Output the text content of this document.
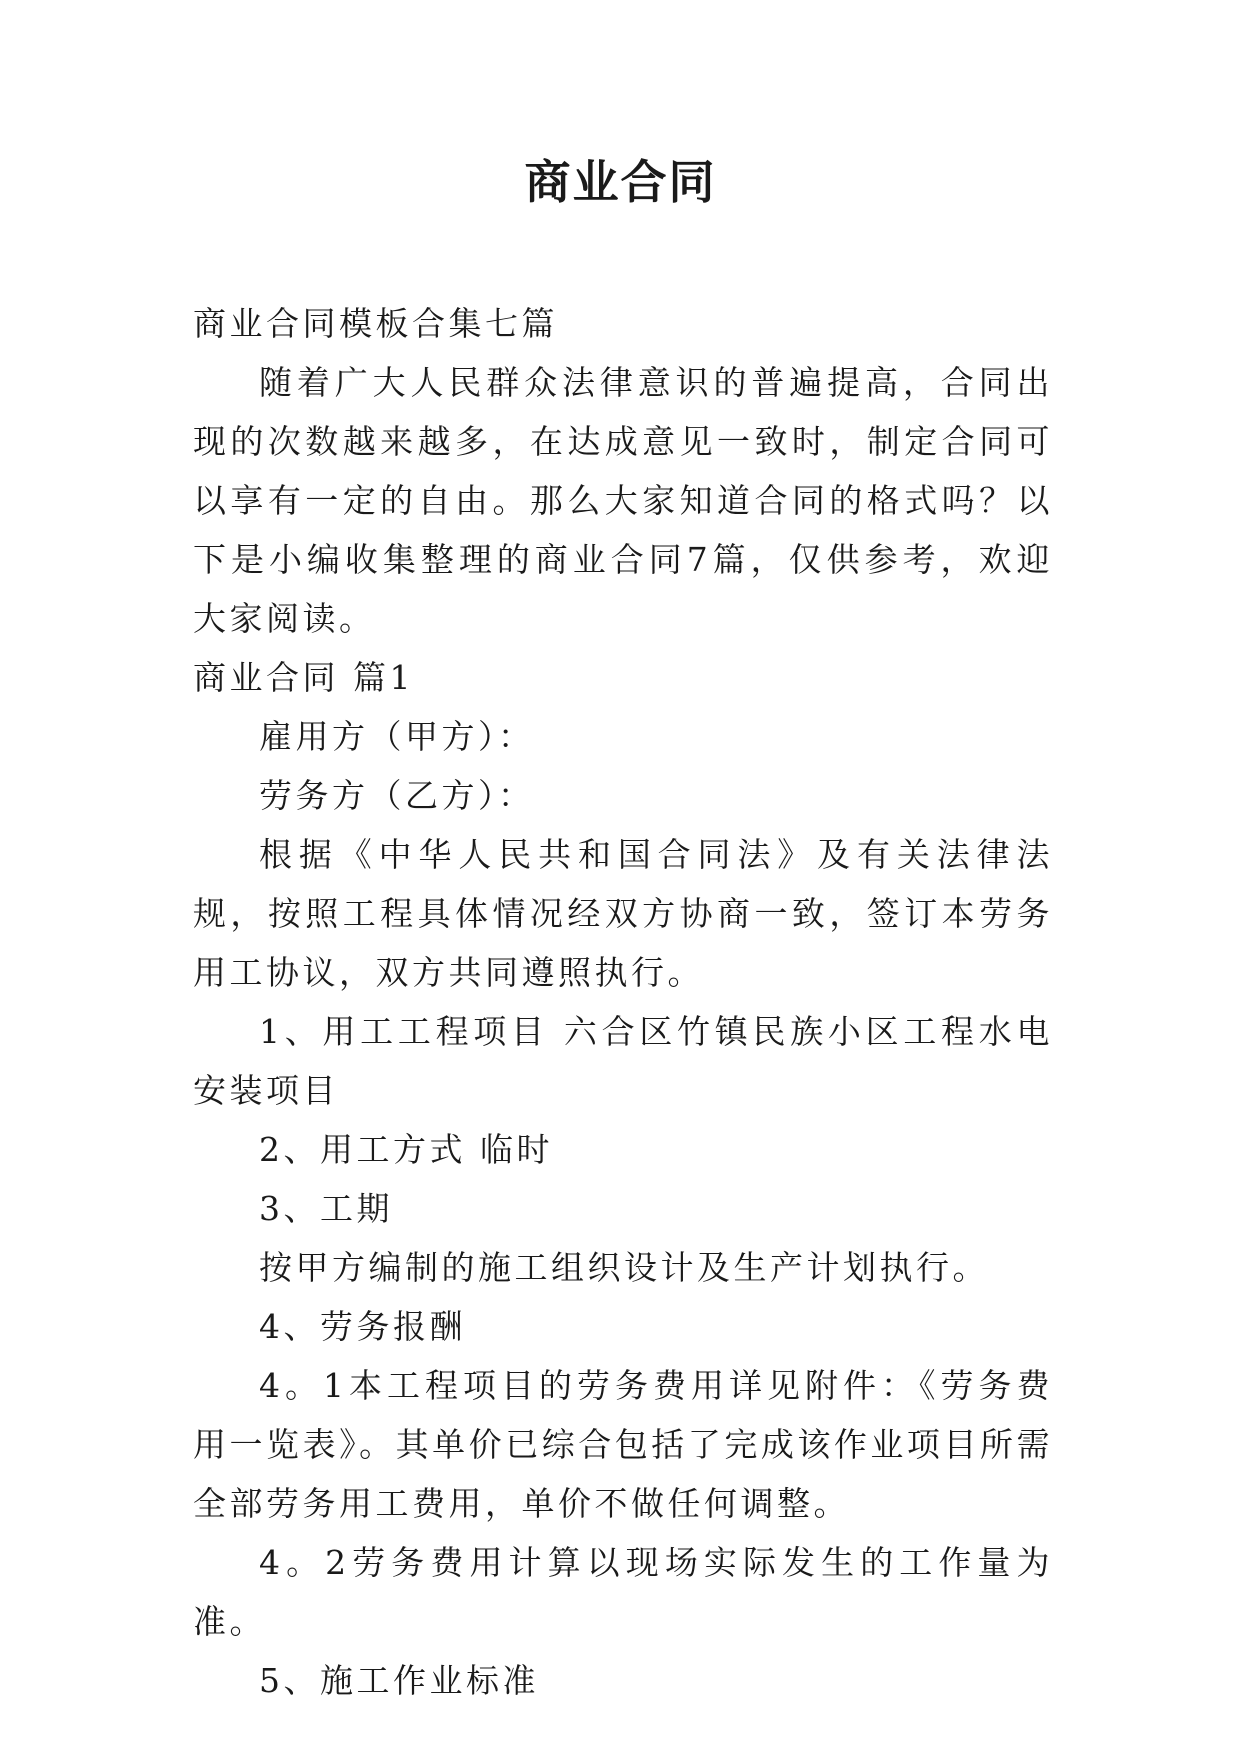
商业合同

商业合同模板合集七篇

随着广大人民群众法律意识的普遍提高，合同出现的次数越来越多，在达成意见一致时，制定合同可以享有一定的自由。那么大家知道合同的格式吗？以下是小编收集整理的商业合同7篇，仅供参考，欢迎大家阅读。

商业合同 篇1

雇用方（甲方）：

劳务方（乙方）：

根据《中华人民共和国合同法》及有关法律法规，按照工程具体情况经双方协商一致，签订本劳务用工协议，双方共同遵照执行。

1、用工工程项目 六合区竹镇民族小区工程水电安装项目

2、用工方式 临时

3、工期

按甲方编制的施工组织设计及生产计划执行。

4、劳务报酬

4。1本工程项目的劳务费用详见附件：《劳务费用一览表》。其单价已综合包括了完成该作业项目所需全部劳务用工费用，单价不做任何调整。

4。2劳务费用计算以现场实际发生的工作量为准。

5、施工作业标准
